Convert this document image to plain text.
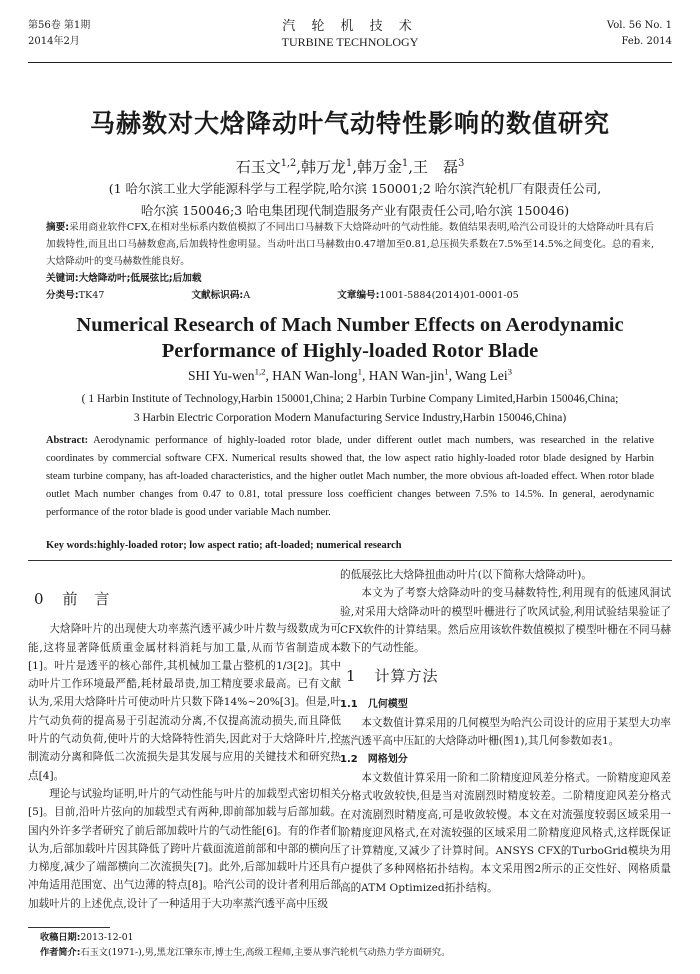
第56卷 第1期
2014年2月
汽 轮 机 技 术
TURBINE TECHNOLOGY
Vol. 56 No. 1
Feb. 2014
马赫数对大焓降动叶气动特性影响的数值研究
石玉文$^{1,2}$,韩万龙$^1$,韩万金$^1$,王　磊$^3$
(1 哈尔滨工业大学能源科学与工程学院,哈尔滨 150001;2 哈尔滨汽轮机厂有限责任公司,
哈尔滨 150046;3 哈电集团现代制造服务产业有限责任公司,哈尔滨 150046)
摘要:采用商业软件CFX,在相对坐标系内数值模拟了不同出口马赫数下大焓降动叶的气动性能。数值结果表明,哈汽公司设计的大焓降动叶具有后加载特性,而且出口马赫数愈高,后加载特性愈明显。当动叶出口马赫数由0.47增加至0.81,总压损失系数在7.5%至14.5%之间变化。总的看来,大焓降动叶的变马赫数性能良好。
关键词:大焓降动叶;低展弦比;后加载
分类号:TK47	文献标识码:A	文章编号:1001-5884(2014)01-0001-05
Numerical Research of Mach Number Effects on Aerodynamic Performance of Highly-loaded Rotor Blade
SHI Yu-wen$^{1,2}$, HAN Wan-long$^1$, HAN Wan-jin$^1$, Wang Lei$^3$
( 1 Harbin Institute of Technology,Harbin 150001,China; 2 Harbin Turbine Company Limited,Harbin 150046,China;
3 Harbin Electric Corporation Modern Manufacturing Service Industry,Harbin 150046,China)
Abstract: Aerodynamic performance of highly-loaded rotor blade, under different outlet mach numbers, was researched in the relative coordinates by commercial software CFX. Numerical results showed that, the low aspect ratio highly-loaded rotor blade designed by Harbin steam turbine company, has aft-loaded characteristics, and the higher outlet Mach number, the more obvious aft-loaded effect. When rotor blade outlet Mach number changes from 0.47 to 0.81, total pressure loss coefficient changes between 7.5% to 14.5%. In general, aerodynamic performance of the rotor blade is good under variable Mach number.
Key words:highly-loaded rotor; low aspect ratio; aft-loaded; numerical research
0 前　言

大焓降叶片的出现使大功率蒸汽透平减少叶片数与级数成为可能,这将显著降低质重金属材料消耗与加工量,从而节省制造成本[1]。叶片是透平的核心部件,其机械加工量占整机的1/3[2]。其中动叶片工作环境最严酷,耗材最昂贵,加工精度要求最高。已有文献认为,采用大焓降叶片可使动叶片只数下降14%~20%[3]。但是,叶片气动负荷的提高易于引起流动分离,不仅提高流动损失,而且降低叶片的气动负荷,使叶片的大焓降特性消失,因此对于大焓降叶片,控制流动分离和降低二次流损失是其发展与应用的关键技术和研究热点[4]。

理论与试验均证明,叶片的气动性能与叶片的加载型式密切相关[5]。目前,沿叶片弦向的加载型式有两种,即前部加载与后部加载。国内外许多学者研究了前后部加载叶片的气动性能[6]。有的作者们认为,后部加载叶片因其降低了跨叶片截面流道前部和中部的横向压力梯度,减少了端部横向二次流损失[7]。此外,后部加载叶片还具有冲角适用范围宽、出气边薄的特点[8]。哈汽公司的设计者利用后部加载叶片的上述优点,设计了一种适用于大功率蒸汽透平高中压级

的低展弦比大焓降扭曲动叶片(以下简称大焓降动叶)。

本文为了考察大焓降动叶的变马赫数特性,利用现有的低速风洞试验,对采用大焓降动叶的模型叶栅进行了吹风试验,利用试验结果验证了CFX软件的计算结果。然后应用该软件数值模拟了模型叶栅在不同马赫数下的气动性能。

1 计算方法
1.1 几何模型

本文数值计算采用的几何模型为哈汽公司设计的应用于某型大功率蒸汽透平高中压缸的大焓降动叶栅(图1),其几何参数如表1。

1.2 网格划分

本文数值计算采用一阶和二阶精度迎风差分格式。一阶精度迎风差分格式收敛较快,但是当对流剧烈时精度较差。二阶精度迎风差分格式在对流剧烈时精度高,可是收敛较慢。本文在对流强度较弱区域采用一阶精度迎风格式,在对流较强的区域采用二阶精度迎风格式,这样既保证了计算精度,又减少了计算时间。ANSYS CFX的TurboGrid模块为用户提供了多种网格拓扑结构。本文采用图2所示的正交性好、网格质量高的ATM Optimized拓扑结构。

收稿日期:2013-12-01
作者简介:石玉文(1971-),男,黑龙江肇东市,博士生,高级工程师,主要从事汽轮机气动热力学方面研究。
